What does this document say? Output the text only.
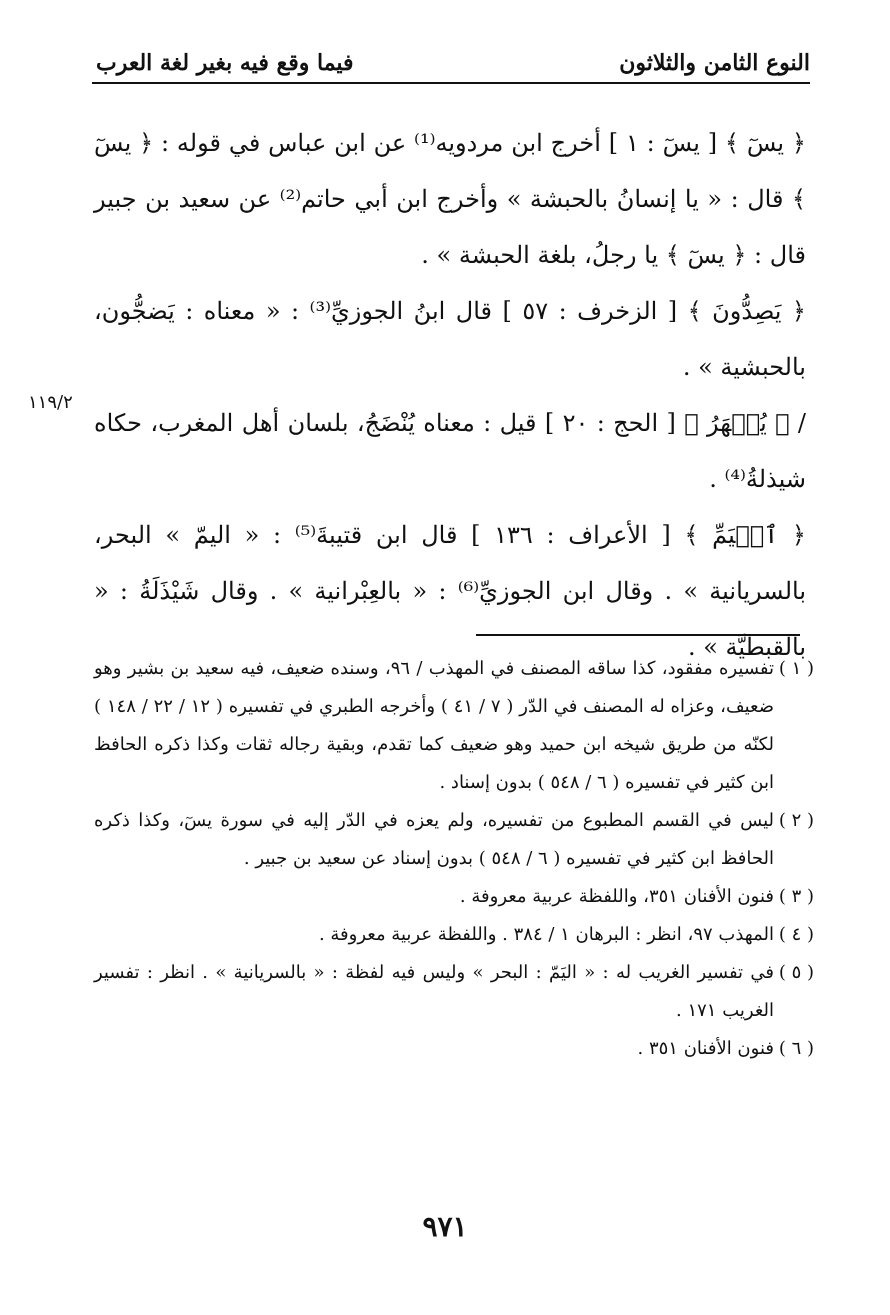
النوع الثامن والثلاثون
فيما وقع فيه بغير لغة العرب
١١٩/٢

﴿ يسٓ ﴾ [ يسٓ : ١ ] أخرج ابن مردويه⁽¹⁾ عن ابن عباس في قوله : ﴿ يسٓ ﴾ قال : « يا إنسانُ بالحبشة » وأخرج ابن أبي حاتم⁽²⁾ عن سعيد بن جبير قال : ﴿ يسٓ ﴾ يا رجلُ، بلغة الحبشة » .

﴿ يَصِدُّونَ ﴾ [ الزخرف : ٥٧ ] قال ابنُ الجوزيِّ⁽³⁾ : « معناه : يَضجُّون، بالحبشية » .

/ ﴿ يُصۡهَرُ ﴾ [ الحج : ٢٠ ] قيل : معناه يُنْضَجُ، بلسان أهل المغرب، حكاه شيذلةُ⁽⁴⁾ .

﴿ ٱلۡيَمِّ ﴾ [ الأعراف : ١٣٦ ] قال ابن قتيبةَ⁽⁵⁾ : « اليمّ » البحر، بالسريانية » . وقال ابن الجوزيِّ⁽⁶⁾ : « بالعِبْرانية » . وقال شَيْذَلَةُ : « بالقبطيَّة » .

( ١ )
تفسيره مفقود، كذا ساقه المصنف في المهذب / ٩٦، وسنده ضعيف، فيه سعيد بن بشير وهو ضعيف، وعزاه له المصنف في الدّر ( ٧ / ٤١ ) وأخرجه الطبري في تفسيره ( ١٢ / ٢٢ / ١٤٨ ) لكنّه من طريق شيخه ابن حميد وهو ضعيف كما تقدم، وبقية رجاله ثقات وكذا ذكره الحافظ ابن كثير في تفسيره ( ٦ / ٥٤٨ ) بدون إسناد .

( ٢ )
ليس في القسم المطبوع من تفسيره، ولم يعزه في الدّر إليه في سورة يسٓ، وكذا ذكره الحافظ ابن كثير في تفسيره ( ٦ / ٥٤٨ ) بدون إسناد عن سعيد بن جبير .

( ٣ )
فنون الأفنان ٣٥١، واللفظة عربية معروفة .

( ٤ )
المهذب ٩٧، انظر : البرهان ١ / ٣٨٤ . واللفظة عربية معروفة .

( ٥ )
في تفسير الغريب له : « اليَمّ : البحر » وليس فيه لفظة : « بالسريانية » . انظر : تفسير الغريب ١٧١ .

( ٦ )
فنون الأفنان ٣٥١ .

٩٧١
